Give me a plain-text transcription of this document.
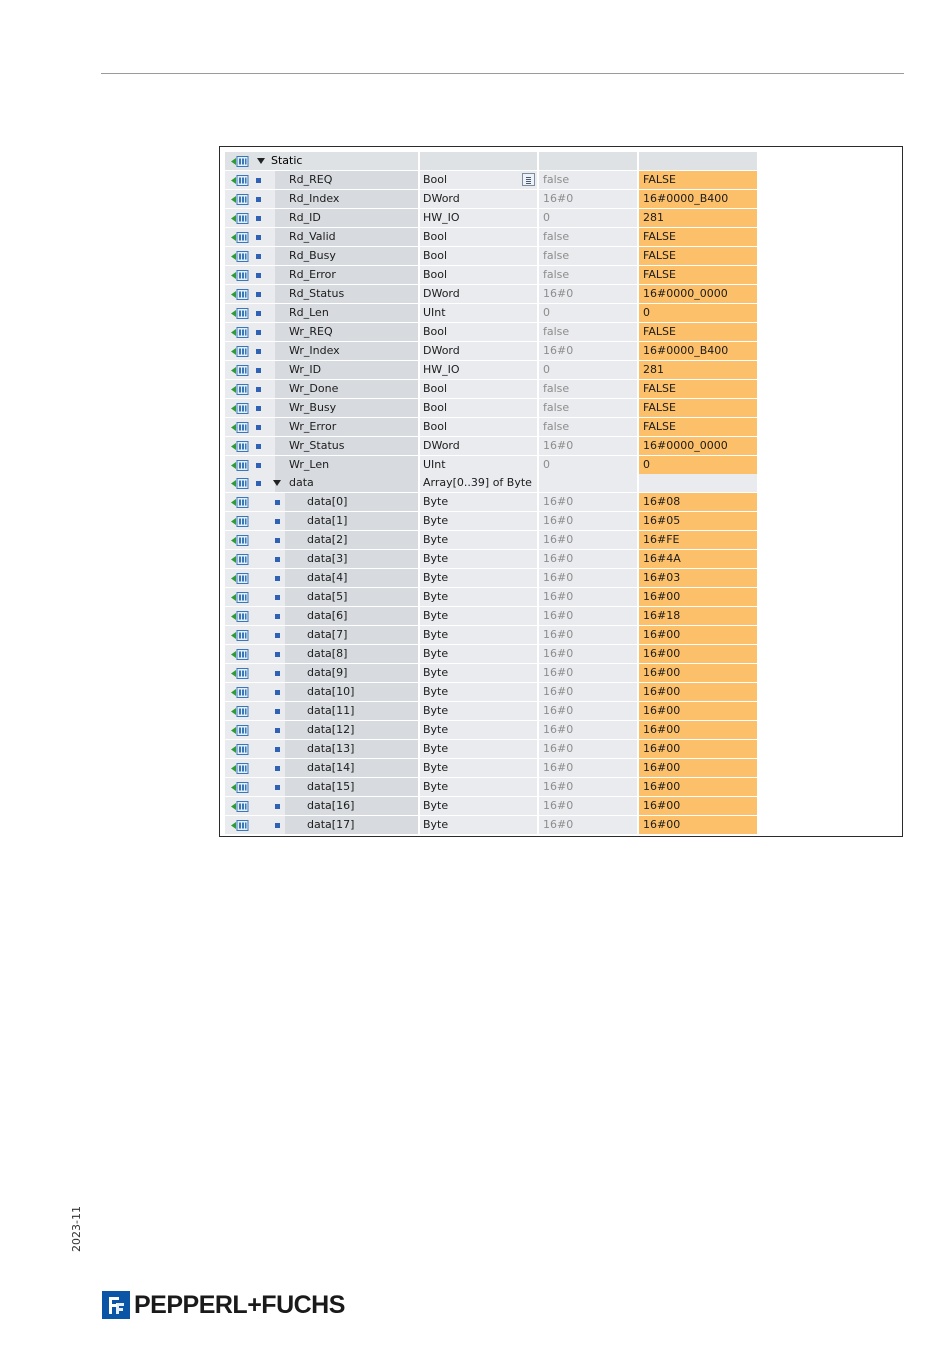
Static
Rd_REQ	Bool	false	FALSE
Rd_Index	DWord	16#0	16#0000_B400
Rd_ID	HW_IO	0	281
Rd_Valid	Bool	false	FALSE
Rd_Busy	Bool	false	FALSE
Rd_Error	Bool	false	FALSE
Rd_Status	DWord	16#0	16#0000_0000
Rd_Len	UInt	0	0
Wr_REQ	Bool	false	FALSE
Wr_Index	DWord	16#0	16#0000_B400
Wr_ID	HW_IO	0	281
Wr_Done	Bool	false	FALSE
Wr_Busy	Bool	false	FALSE
Wr_Error	Bool	false	FALSE
Wr_Status	DWord	16#0	16#0000_0000
Wr_Len	UInt	0	0
data	Array[0..39] of Byte
data[0]	Byte	16#0	16#08
data[1]	Byte	16#0	16#05
data[2]	Byte	16#0	16#FE
data[3]	Byte	16#0	16#4A
data[4]	Byte	16#0	16#03
data[5]	Byte	16#0	16#00
data[6]	Byte	16#0	16#18
data[7]	Byte	16#0	16#00
data[8]	Byte	16#0	16#00
data[9]	Byte	16#0	16#00
data[10]	Byte	16#0	16#00
data[11]	Byte	16#0	16#00
data[12]	Byte	16#0	16#00
data[13]	Byte	16#0	16#00
data[14]	Byte	16#0	16#00
data[15]	Byte	16#0	16#00
data[16]	Byte	16#0	16#00
data[17]	Byte	16#0	16#00
2023-11
PEPPERL+FUCHS
